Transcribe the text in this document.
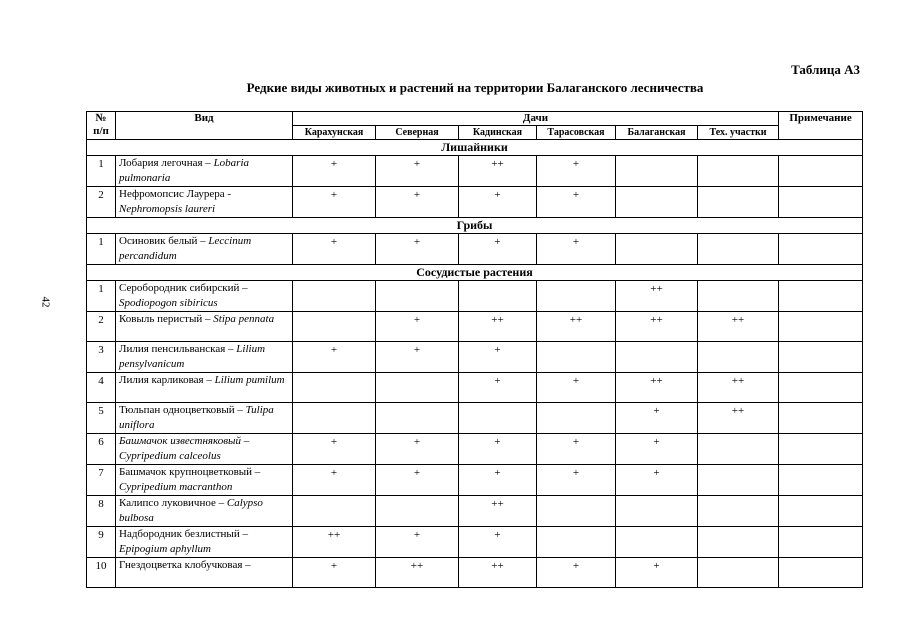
42
Таблица А3
Редкие виды животных и растений на территории Балаганского лесничества
№ п/п	Вид	Дачи						Примечание
		Карахунская	Северная	Кадинская	Тарасовская	Балаганская	Тех. участки	
Лишайники								
1	Лобария легочная – Lobaria pulmonaria	+	+	++	+			
2	Нефромопсис Лаурера - Nephromopsis laureri	+	+	+	+			
Грибы								
1	Осиновик белый – Leccinum percandidum	+	+	+	+			
Сосудистые растения								
1	Серобородник сибирский – Spodiopogon sibiricus					++		
2	Ковыль перистый – Stipa pennata		+	++	++	++	++	
3	Лилия пенсильванская – Lilium pensylvanicum	+	+	+				
4	Лилия карликовая – Lilium pumilum			+	+	++	++	
5	Тюльпан одноцветковый – Tulipa uniflora					+	++	
6	Башмачок известняковый – Cypripedium calceolus	+	+	+	+	+		
7	Башмачок крупноцветковый –Cypripedium macranthon	+	+	+	+	+		
8	Калипсо луковичное – Calypso bulbosa			++				
9	Надбородник безлистный – Epipogium aphyllum	++	+	+				
10	Гнездоцветка клобучковая –	+	++	++	+	+		
